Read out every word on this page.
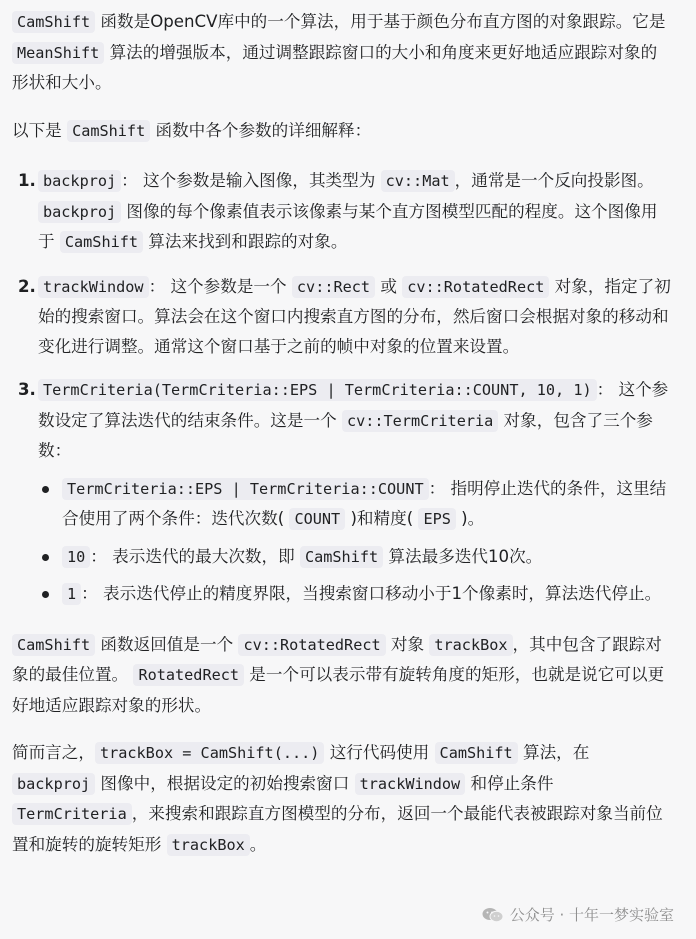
CamShift 函数是OpenCV库中的一个算法，用于基于颜色分布直方图的对象跟踪。它是 MeanShift 算法的增强版本，通过调整跟踪窗口的大小和角度来更好地适应跟踪对象的形状和大小。

以下是 CamShift 函数中各个参数的详细解释：

1. backproj ： 这个参数是输入图像，其类型为 cv::Mat ，通常是一个反向投影图。 backproj 图像的每个像素值表示该像素与某个直方图模型匹配的程度。这个图像用于 CamShift 算法来找到和跟踪的对象。
2. trackWindow ： 这个参数是一个 cv::Rect 或 cv::RotatedRect 对象，指定了初始的搜索窗口。算法会在这个窗口内搜索直方图的分布，然后窗口会根据对象的移动和变化进行调整。通常这个窗口基于之前的帧中对象的位置来设置。
3. TermCriteria(TermCriteria::EPS | TermCriteria::COUNT, 10, 1) ： 这个参数设定了算法迭代的结束条件。这是一个 cv::TermCriteria 对象，包含了三个参数：
TermCriteria::EPS | TermCriteria::COUNT ： 指明停止迭代的条件，这里结合使用了两个条件：迭代次数( COUNT )和精度( EPS )。
10 ： 表示迭代的最大次数，即 CamShift 算法最多迭代10次。
1 ： 表示迭代停止的精度界限，当搜索窗口移动小于1个像素时，算法迭代停止。

CamShift 函数返回值是一个 cv::RotatedRect 对象 trackBox ，其中包含了跟踪对象的最佳位置。 RotatedRect 是一个可以表示带有旋转角度的矩形，也就是说它可以更好地适应跟踪对象的形状。

简而言之， trackBox = CamShift(...) 这行代码使用 CamShift 算法，在 backproj 图像中，根据设定的初始搜索窗口 trackWindow 和停止条件 TermCriteria ，来搜索和跟踪直方图模型的分布，返回一个最能代表被跟踪对象当前位置和旋转的旋转矩形 trackBox 。

公众号 · 十年一梦实验室
